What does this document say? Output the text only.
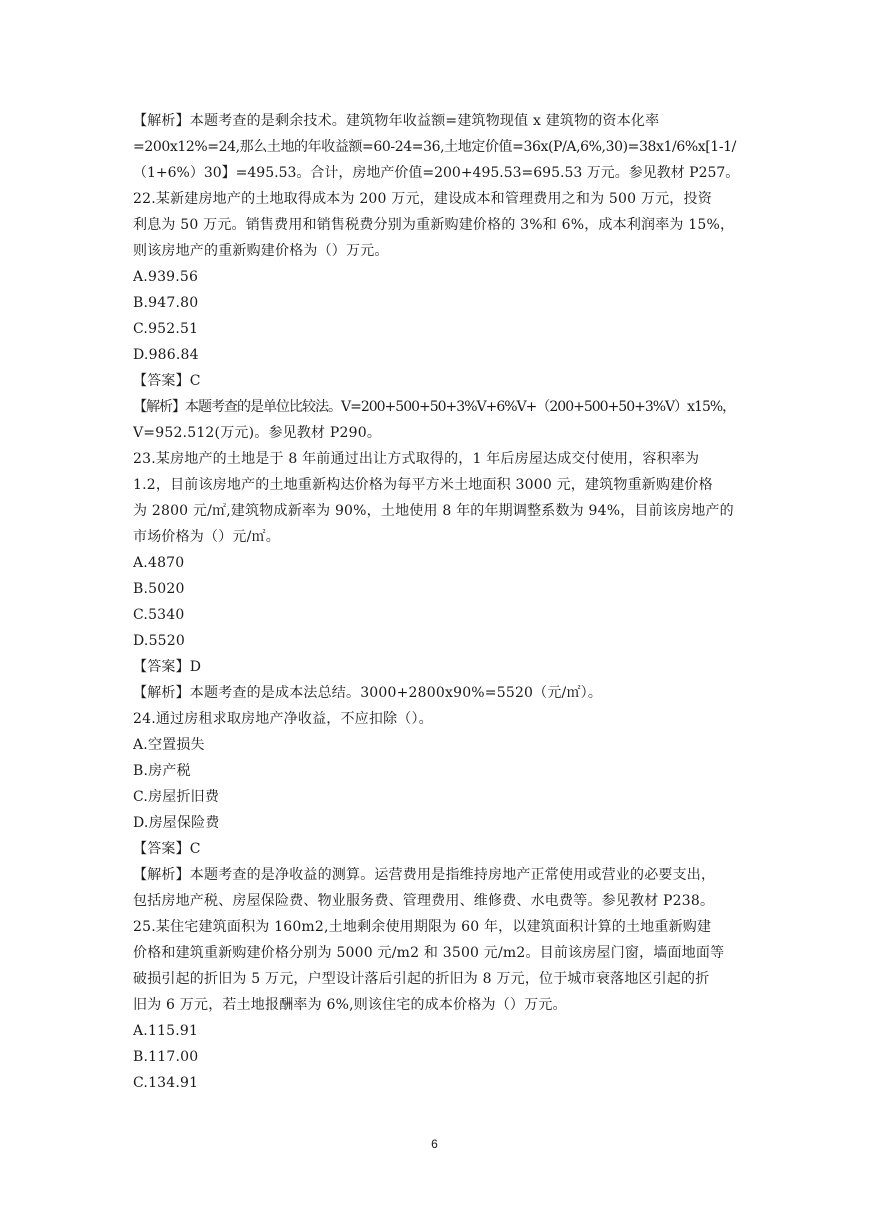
【解析】本题考查的是剩余技术。建筑物年收益额=建筑物现值 x 建筑物的资本化率
=200x12%=24,那么土地的年收益额=60-24=36,土地定价值=36x(P/A,6%,30)=38x1/6%x[1-1/
（1+6%）30】=495.53。合计，房地产价值=200+495.53=695.53 万元。参见教材 P257。
22.某新建房地产的土地取得成本为 200 万元，建设成本和管理费用之和为 500 万元，投资
利息为 50 万元。销售费用和销售税费分别为重新购建价格的 3%和 6%，成本利润率为 15%，
则该房地产的重新购建价格为（）万元。
A.939.56
B.947.80
C.952.51
D.986.84
【答案】C
【解析】本题考查的是单位比较法。V=200+500+50+3%V+6%V+（200+500+50+3%V）x15%，
V=952.512(万元)。参见教材 P290。
23.某房地产的土地是于 8 年前通过出让方式取得的，1 年后房屋达成交付使用，容积率为
1.2，目前该房地产的土地重新构达价格为每平方米土地面积 3000 元，建筑物重新购建价格
为 2800 元/㎡,建筑物成新率为 90%，土地使用 8 年的年期调整系数为 94%，目前该房地产的
市场价格为（）元/㎡。
A.4870
B.5020
C.5340
D.5520
【答案】D
【解析】本题考查的是成本法总结。3000+2800x90%=5520（元/㎡）。
24.通过房租求取房地产净收益，不应扣除（）。
A.空置损失
B.房产税
C.房屋折旧费
D.房屋保险费
【答案】C
【解析】本题考查的是净收益的测算。运营费用是指维持房地产正常使用或营业的必要支出，
包括房地产税、房屋保险费、物业服务费、管理费用、维修费、水电费等。参见教材 P238。
25.某住宅建筑面积为 160m2,土地剩余使用期限为 60 年，以建筑面积计算的土地重新购建
价格和建筑重新购建价格分别为 5000 元/m2 和 3500 元/m2。目前该房屋门窗，墙面地面等
破损引起的折旧为 5 万元，户型设计落后引起的折旧为 8 万元，位于城市衰落地区引起的折
旧为 6 万元，若土地报酬率为 6%,则该住宅的成本价格为（）万元。
A.115.91
B.117.00
C.134.91
6
